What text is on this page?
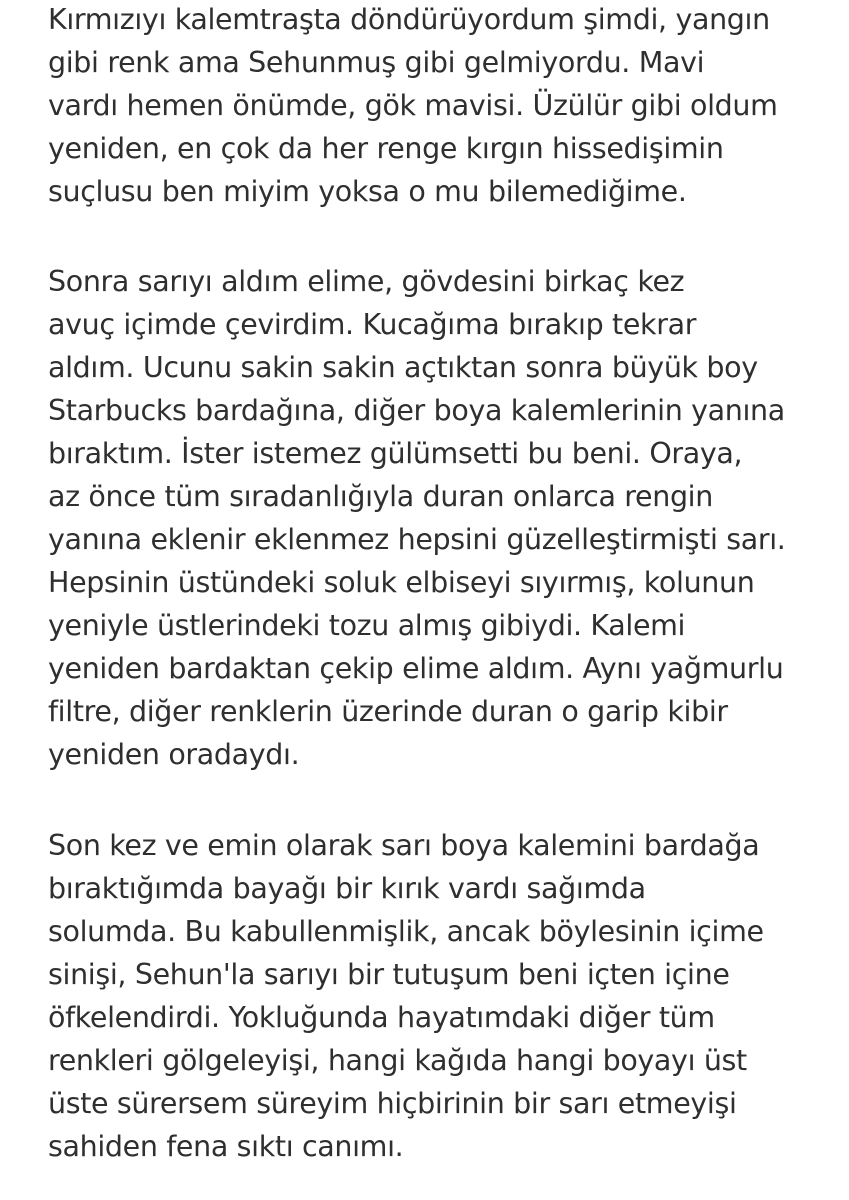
Kırmızıyı kalemtraşta döndürüyordum şimdi, yangın
gibi renk ama Sehunmuş gibi gelmiyordu. Mavi
vardı hemen önümde, gök mavisi. Üzülür gibi oldum
yeniden, en çok da her renge kırgın hissedişimin
suçlusu ben miyim yoksa o mu bilemediğime.
Sonra sarıyı aldım elime, gövdesini birkaç kez
avuç içimde çevirdim. Kucağıma bırakıp tekrar
aldım. Ucunu sakin sakin açtıktan sonra büyük boy
Starbucks bardağına, diğer boya kalemlerinin yanına
bıraktım. İster istemez gülümsetti bu beni. Oraya,
az önce tüm sıradanlığıyla duran onlarca rengin
yanına eklenir eklenmez hepsini güzelleştirmişti sarı.
Hepsinin üstündeki soluk elbiseyi sıyırmış, kolunun
yeniyle üstlerindeki tozu almış gibiydi. Kalemi
yeniden bardaktan çekip elime aldım. Aynı yağmurlu
filtre, diğer renklerin üzerinde duran o garip kibir
yeniden oradaydı.
Son kez ve emin olarak sarı boya kalemini bardağa
bıraktığımda bayağı bir kırık vardı sağımda
solumda. Bu kabullenmişlik, ancak böylesinin içime
sinişi, Sehun'la sarıyı bir tutuşum beni içten içine
öfkelendirdi. Yokluğunda hayatımdaki diğer tüm
renkleri gölgeleyişi, hangi kağıda hangi boyayı üst
üste sürersem süreyim hiçbirinin bir sarı etmeyişi
sahiden fena sıktı canımı.
